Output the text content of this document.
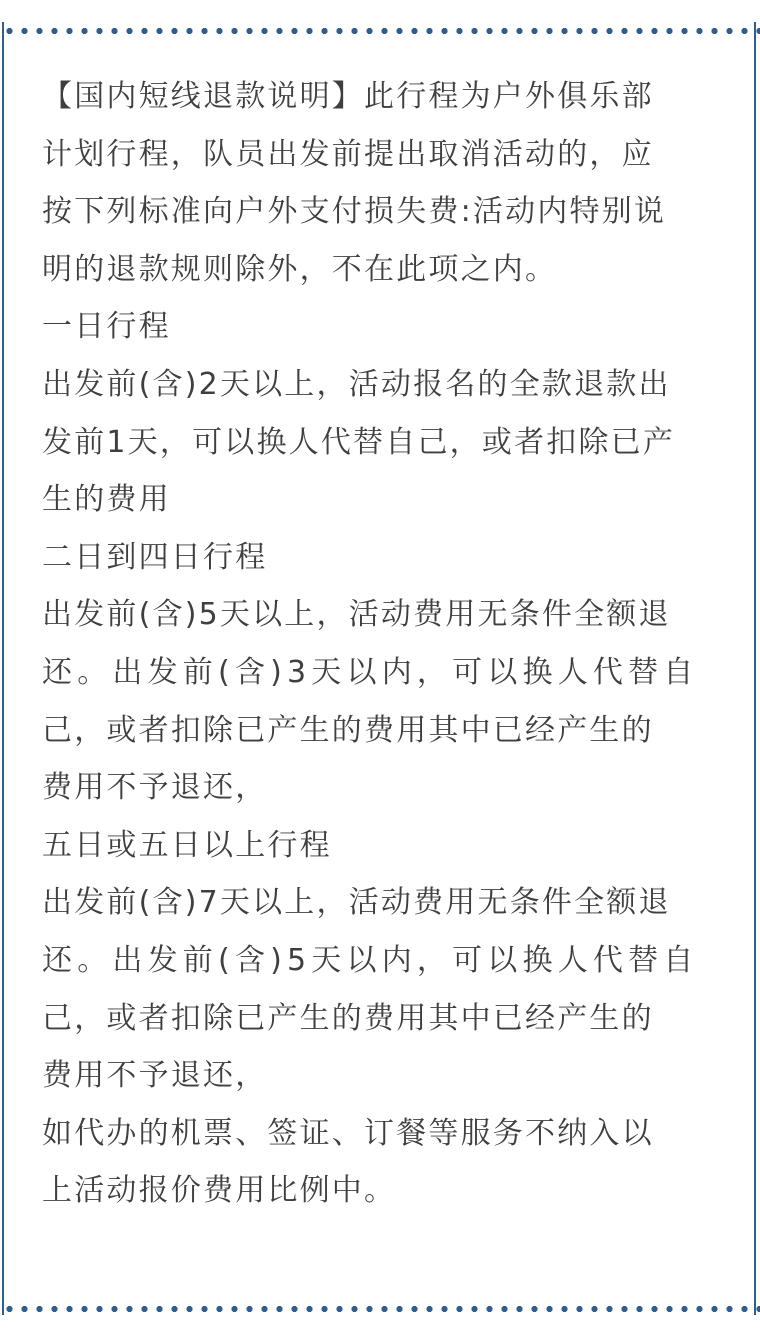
【国内短线退款说明】此行程为户外俱乐部
计划行程，队员出发前提出取消活动的，应
按下列标准向户外支付损失费:活动内特别说
明的退款规则除外，不在此项之内。
一日行程
出发前(含)2天以上，活动报名的全款退款出
发前1天，可以换人代替自己，或者扣除已产
生的费用
二日到四日行程
出发前(含)5天以上，活动费用无条件全额退
还。出发前(含)3天以内，可以换人代替自
己，或者扣除已产生的费用其中已经产生的
费用不予退还，
五日或五日以上行程
出发前(含)7天以上，活动费用无条件全额退
还。出发前(含)5天以内，可以换人代替自
己，或者扣除已产生的费用其中已经产生的
费用不予退还，
如代办的机票、签证、订餐等服务不纳入以
上活动报价费用比例中。
